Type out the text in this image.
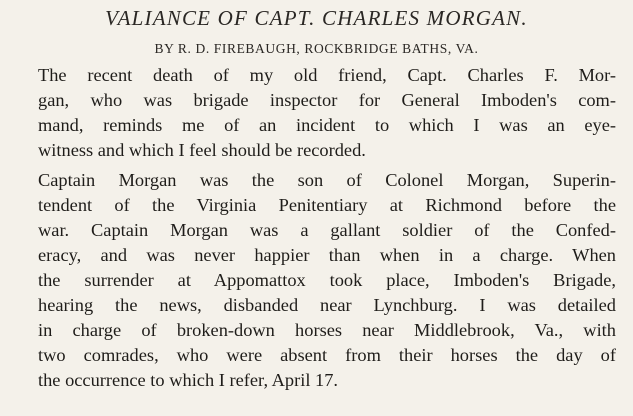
VALIANCE OF CAPT. CHARLES MORGAN.
BY R. D. FIREBAUGH, ROCKBRIDGE BATHS, VA.
The recent death of my old friend, Capt. Charles F. Mor-
gan, who was brigade inspector for General Imboden's com-
mand, reminds me of an incident to which I was an eye-
witness and which I feel should be recorded.
Captain Morgan was the son of Colonel Morgan, Superin-
tendent of the Virginia Penitentiary at Richmond before the
war. Captain Morgan was a gallant soldier of the Confed-
eracy, and was never happier than when in a charge. When
the surrender at Appomattox took place, Imboden's Brigade,
hearing the news, disbanded near Lynchburg. I was detailed
in charge of broken-down horses near Middlebrook, Va., with
two comrades, who were absent from their horses the day of
the occurrence to which I refer, April 17.
